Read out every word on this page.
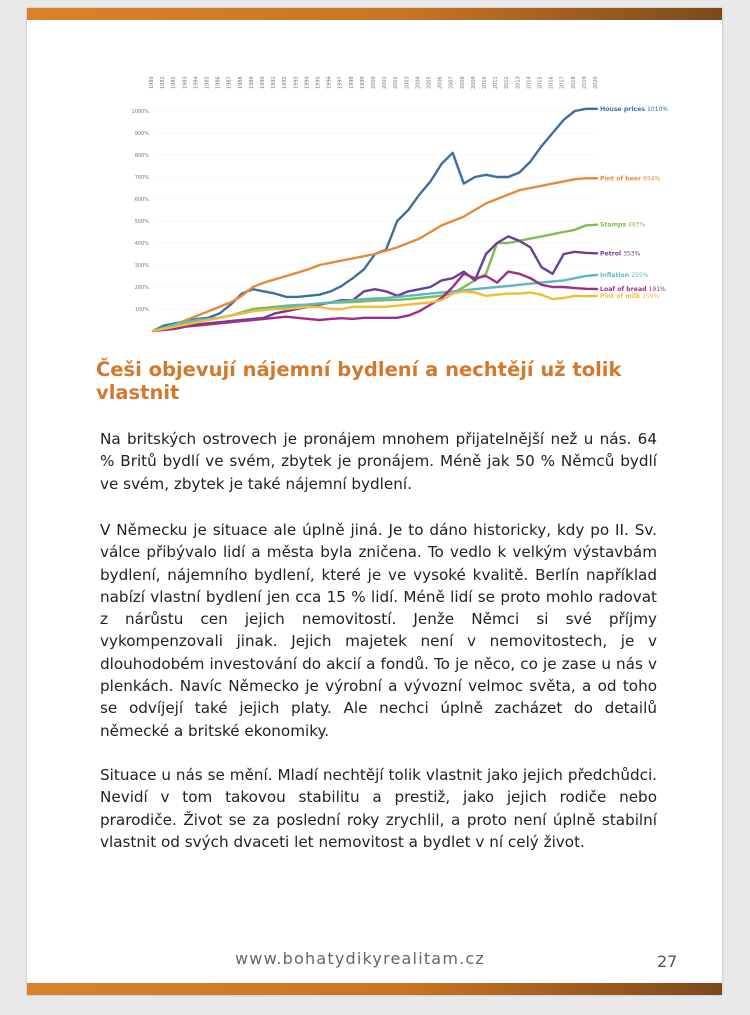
1980 1981 1982 1983 1984 1985 1986 1987 1988 1989 1990 1991 1992 1993 1994 1995 1996 1997 1998 1999 2000 2001 2002 2003 2004 2005 2006 2007 2008 2009 2010 2011 2012 2013 2014 2015 2016 2017 2018 2019 2020
100%
200%
300%
400%
500%
600%
700%
800%
900%
1000%	House prices 1010%
Pint of beer 694%
Stamps 483%
Petrol 353%
Inflation 255%
Loaf of bread 191%
Pint of milk 159%
Češi objevují nájemní bydlení a nechtějí už tolik vlastnit

Na britských ostrovech je pronájem mnohem přijatelnější než u nás. 64 % Britů bydlí ve svém, zbytek je pronájem. Méně jak 50 % Němců bydlí ve svém, zbytek je také nájemní bydlení.

V Německu je situace ale úplně jiná. Je to dáno historicky, kdy po II. Sv. válce přibývalo lidí a města byla zničena. To vedlo k velkým výstavbám bydlení, nájemního bydlení, které je ve vysoké kvalitě. Berlín například nabízí vlastní bydlení jen cca 15 % lidí. Méně lidí se proto mohlo radovat z nárůstu cen jejich nemovitostí. Jenže Němci si své příjmy vykompenzovali jinak. Jejich majetek není v nemovitostech, je v dlouhodobém investování do akcií a fondů. To je něco, co je zase u nás v plenkách. Navíc Německo je výrobní a vývozní velmoc světa, a od toho se odvíjejí také jejich platy. Ale nechci úplně zacházet do detailů německé a britské ekonomiky.

Situace u nás se mění. Mladí nechtějí tolik vlastnit jako jejich předchůdci. Nevidí v tom takovou stabilitu a prestiž, jako jejich rodiče nebo prarodiče. Život se za poslední roky zrychlil, a proto není úplně stabilní vlastnit od svých dvaceti let nemovitost a bydlet v ní celý život.

www.bohatydikyrealitam.cz	27
